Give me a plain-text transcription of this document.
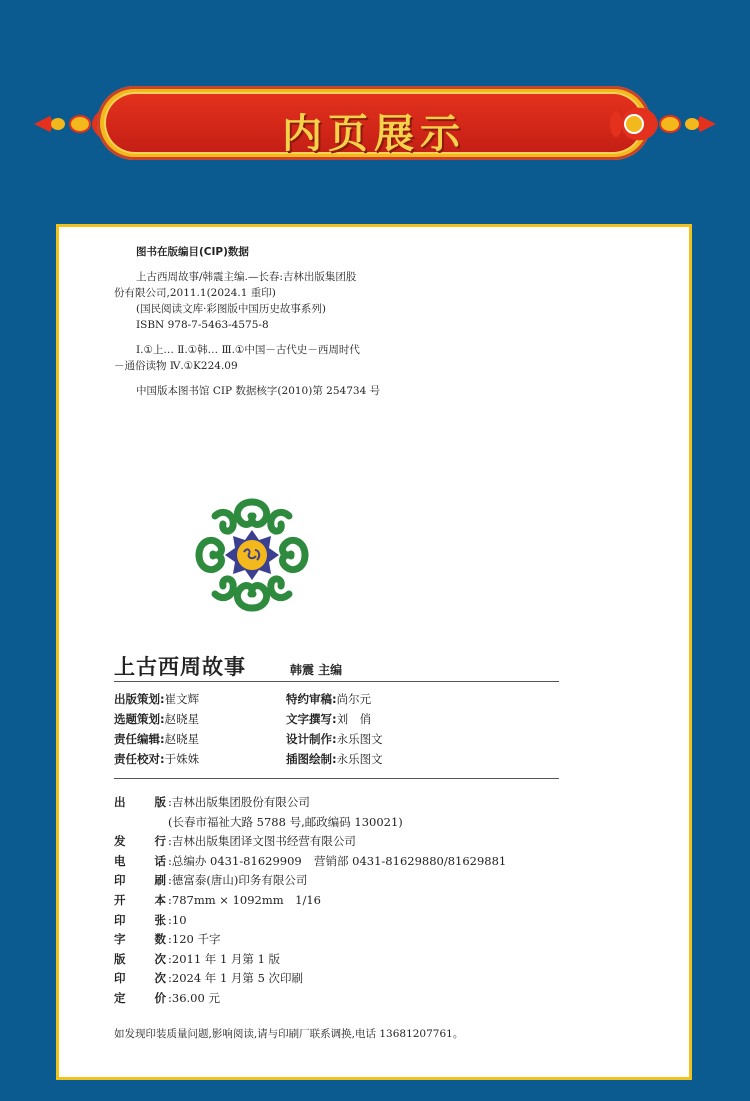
内页展示
图书在版编目(CIP)数据
上古西周故事/韩震主编.—长春:吉林出版集团股
份有限公司,2011.1(2024.1 重印)
(国民阅读文库·彩图版中国历史故事系列)
ISBN 978-7-5463-4575-8
Ⅰ.①上… Ⅱ.①韩… Ⅲ.①中国－古代史－西周时代
－通俗读物 Ⅳ.①K224.09
中国版本图书馆 CIP 数据核字(2010)第 254734 号
上古西周故事	韩震 主编
出版策划:崔文辉	特约审稿:尚尔元
选题策划:赵晓星	文字撰写:刘　俏
责任编辑:赵晓星	设计制作:永乐图文
责任校对:于姝姝	插图绘制:永乐图文
出版 :吉林出版集团股份有限公司
(长春市福祉大路 5788 号,邮政编码 130021)
发行 :吉林出版集团译文图书经营有限公司
电话 :总编办 0431-81629909 营销部 0431-81629880/81629881
印刷 :德富泰(唐山)印务有限公司
开本 :787mm × 1092mm　1/16
印张 :10
字数 :120 千字
版次 :2011 年 1 月第 1 版
印次 :2024 年 1 月第 5 次印刷
定价 :36.00 元
如发现印装质量问题,影响阅读,请与印刷厂联系调换,电话 13681207761。
